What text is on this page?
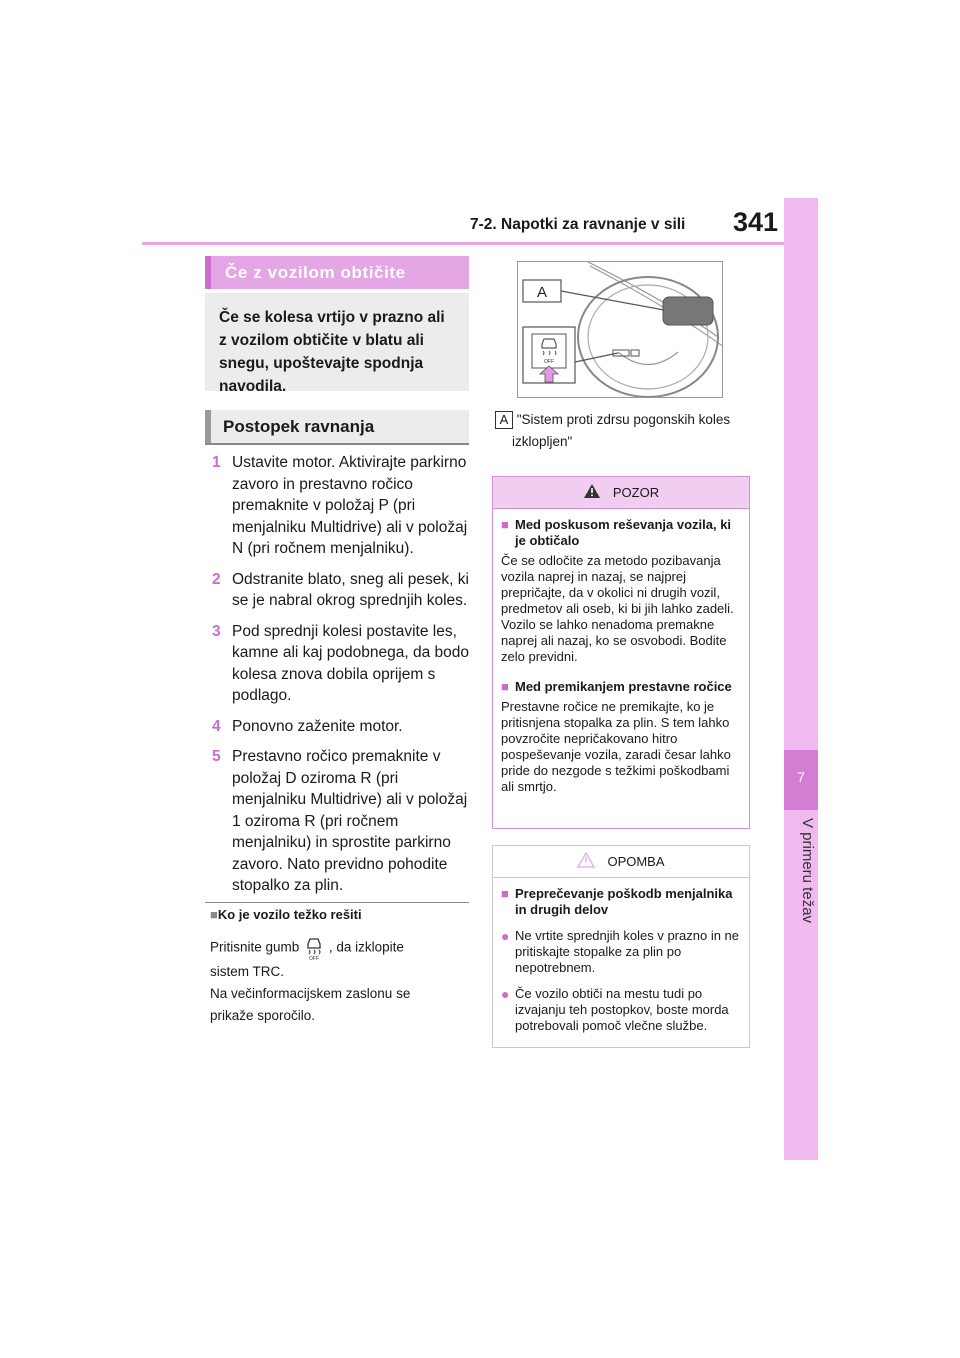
7-2. Napotki za ravnanje v sili 341
7
V primeru težav
Če z vozilom obtičite
Če se kolesa vrtijo v prazno ali z vozilom obtičite v blatu ali snegu, upoštevajte spodnja navodila.
Postopek ravnanja
1 Ustavite motor. Aktivirajte parkirno zavoro in prestavno ročico premaknite v položaj P (pri menjalniku Multidrive) ali v položaj N (pri ročnem menjalniku).
2 Odstranite blato, sneg ali pesek, ki se je nabral okrog sprednjih koles.
3 Pod sprednji kolesi postavite les, kamne ali kaj podobnega, da bodo kolesa znova dobila oprijem s podlago.
4 Ponovno zaženite motor.
5 Prestavno ročico premaknite v položaj D oziroma R (pri menjalniku Multidrive) ali v položaj 1 oziroma R (pri ročnem menjalniku) in sprostite parkirno zavoro. Nato previdno pohodite stopalko za plin.
■Ko je vozilo težko rešiti
Pritisnite gumb
OFF
, da izklopite
sistem TRC.
Na večinformacijskem zaslonu se
prikaže sporočilo.
A
OFF
A "Sistem proti zdrsu pogonskih koles
izklopljen"
POZOR
■ Med poskusom reševanja vozila, ki je obtičalo

Če se odločite za metodo pozibavanja vozila naprej in nazaj, se najprej prepričajte, da v okolici ni drugih vozil, predmetov ali oseb, ki bi jih lahko zadeli. Vozilo se lahko nenadoma premakne naprej ali nazaj, ko se osvobodi. Bodite zelo previdni.

■ Med premikanjem prestavne ročice

Prestavne ročice ne premikajte, ko je pritisnjena stopalka za plin. S tem lahko povzročite nepričakovano hitro pospeševanje vozila, zaradi česar lahko pride do nezgode s težkimi poškodbami ali smrtjo.

OPOMBA
■ Preprečevanje poškodb menjalnika in drugih delov
● Ne vrtite sprednjih koles v prazno in ne pritiskajte stopalke za plin po nepotrebnem.
● Če vozilo obtiči na mestu tudi po izvajanju teh postopkov, boste morda potrebovali pomoč vlečne službe.
